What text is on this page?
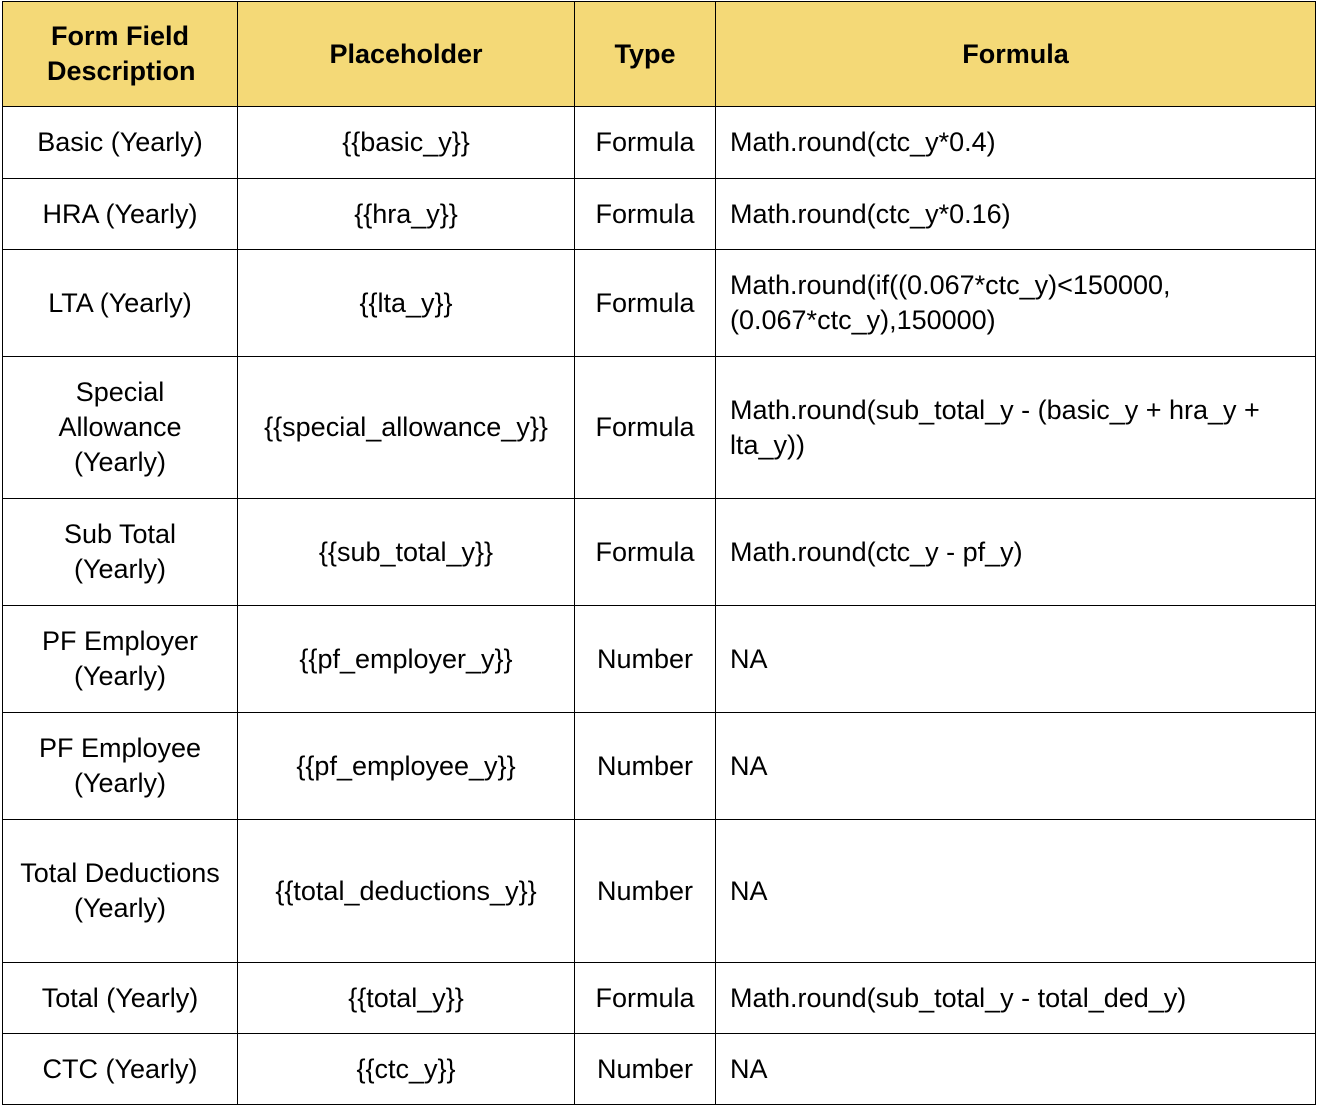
Form Field Description	Placeholder	Type	Formula
Basic (Yearly)	{{basic_y}}	Formula	Math.round(ctc_y*0.4)
HRA (Yearly)	{{hra_y}}	Formula	Math.round(ctc_y*0.16)
LTA (Yearly)	{{lta_y}}	Formula	Math.round(if((0.067*ctc_y)<150000, (0.067*ctc_y),150000)
Special Allowance (Yearly)	{{special_allowance_y}}	Formula	Math.round(sub_total_y - (basic_y + hra_y + lta_y))
Sub Total (Yearly)	{{sub_total_y}}	Formula	Math.round(ctc_y - pf_y)
PF Employer (Yearly)	{{pf_employer_y}}	Number	NA
PF Employee (Yearly)	{{pf_employee_y}}	Number	NA
Total Deductions (Yearly)	{{total_deductions_y}}	Number	NA
Total (Yearly)	{{total_y}}	Formula	Math.round(sub_total_y - total_ded_y)
CTC (Yearly)	{{ctc_y}}	Number	NA
